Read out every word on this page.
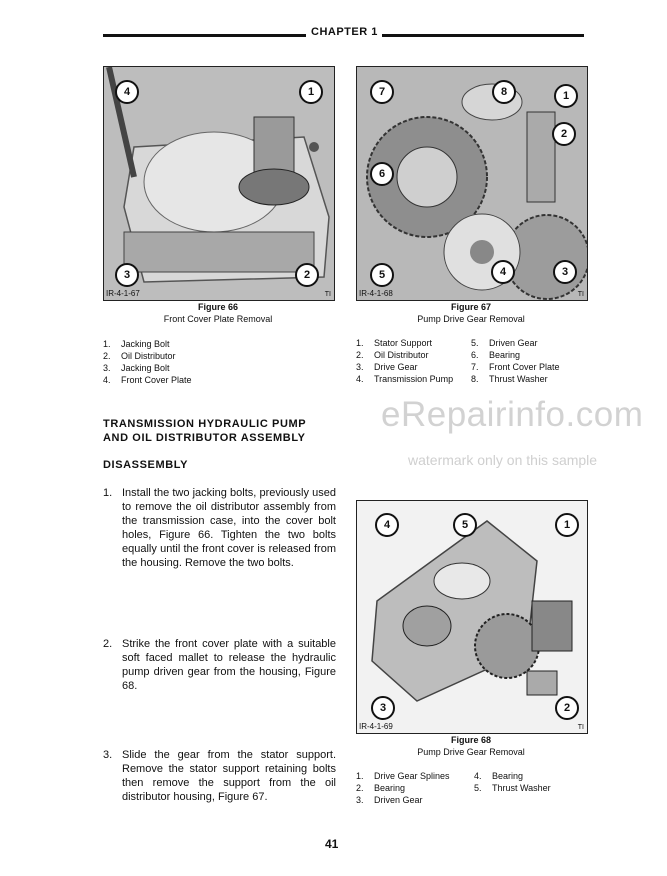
CHAPTER 1
4	1
3	2
IR-4-1-67	TI
Figure 66
Front Cover Plate Removal
1.	Jacking Bolt
2.	Oil Distributor
3.	Jacking Bolt
4.	Front Cover Plate
7	8	1
2
6
5	4	3
IR-4-1-68	TI
Figure 67
Pump Drive Gear Removal
1.	Stator Support
2.	Oil Distributor
3.	Drive Gear
4.	Transmission Pump
5.	Driven Gear
6.	Bearing
7.	Front Cover Plate
8.	Thrust Washer
TRANSMISSION HYDRAULIC PUMP
AND OIL DISTRIBUTOR ASSEMBLY
DISASSEMBLY
1. Install the two jacking bolts, previously used to remove the oil distributor assembly from the transmission case, into the cover bolt holes, Figure 66. Tighten the two bolts equally until the front cover is released from the housing. Remove the two bolts.
2. Strike the front cover plate with a suitable soft faced mallet to release the hydraulic pump driven gear from the housing, Figure 68.
3. Slide the gear from the stator support. Remove the stator support retaining bolts then remove the support from the oil distributor housing, Figure 67.
eRepairinfo.com
watermark only on this sample
4	5	1
3	2
IR-4-1-69	TI
Figure 68
Pump Drive Gear Removal
1.	Drive Gear Splines
2.	Bearing
3.	Driven Gear
4.	Bearing
5.	Thrust Washer
41
